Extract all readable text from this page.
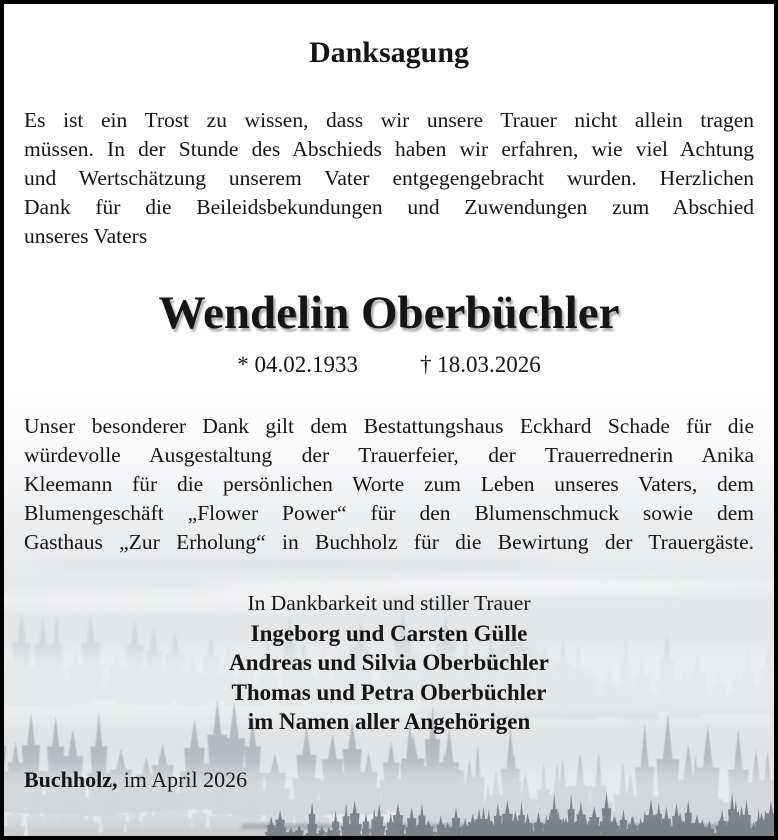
Danksagung
Es ist ein Trost zu wissen, dass wir unsere Trauer nicht allein tragen
müssen. In der Stunde des Abschieds haben wir erfahren, wie viel Achtung
und Wertschätzung unserem Vater entgegengebracht wurden. Herzlichen
Dank für die Beileidsbekundungen und Zuwendungen zum Abschied
unseres Vaters
Wendelin Oberbüchler
* 04.02.1933	† 18.03.2026
Unser besonderer Dank gilt dem Bestattungshaus Eckhard Schade für die
würdevolle Ausgestaltung der Trauerfeier, der Trauerrednerin Anika
Kleemann für die persönlichen Worte zum Leben unseres Vaters, dem
Blumengeschäft „Flower Power“ für den Blumenschmuck sowie dem
Gasthaus „Zur Erholung“ in Buchholz für die Bewirtung der Trauergäste.
In Dankbarkeit und stiller Trauer
Ingeborg und Carsten Gülle
Andreas und Silvia Oberbüchler
Thomas und Petra Oberbüchler
im Namen aller Angehörigen
Buchholz, im April 2026
